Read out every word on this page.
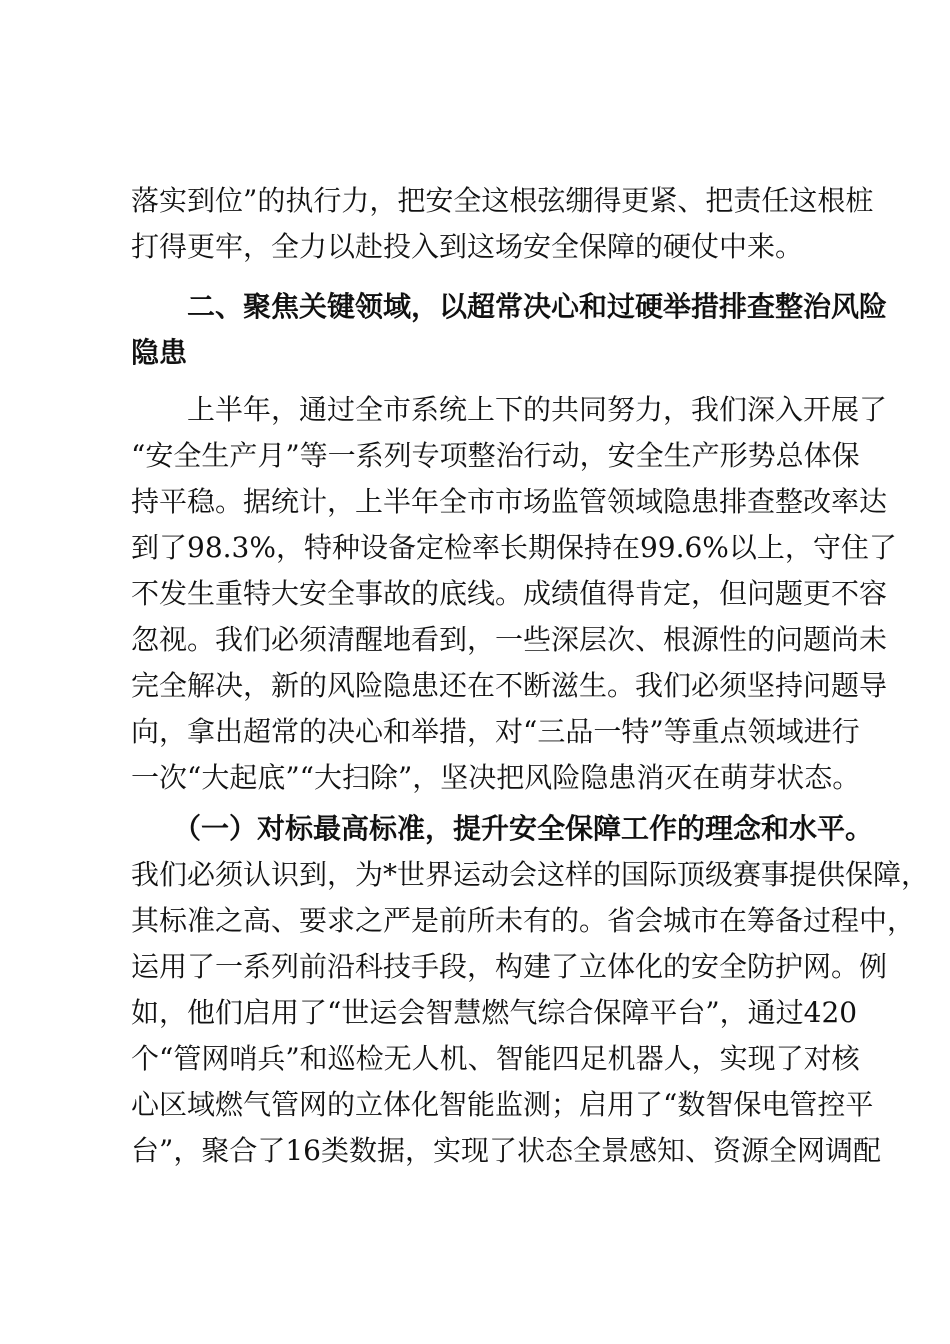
落实到位”的执行力，把安全这根弦绷得更紧、把责任这根桩
打得更牢，全力以赴投入到这场安全保障的硬仗中来。
　　二、聚焦关键领域，以超常决心和过硬举措排查整治风险
隐患
　　上半年，通过全市系统上下的共同努力，我们深入开展了
“安全生产月”等一系列专项整治行动，安全生产形势总体保
持平稳。据统计，上半年全市市场监管领域隐患排查整改率达
到了98.3%，特种设备定检率长期保持在99.6%以上，守住了
不发生重特大安全事故的底线。成绩值得肯定，但问题更不容
忽视。我们必须清醒地看到，一些深层次、根源性的问题尚未
完全解决，新的风险隐患还在不断滋生。我们必须坚持问题导
向，拿出超常的决心和举措，对“三品一特”等重点领域进行
一次“大起底”“大扫除”，坚决把风险隐患消灭在萌芽状态。
　　（一）对标最高标准，提升安全保障工作的理念和水平。
我们必须认识到，为*世界运动会这样的国际顶级赛事提供保障，
其标准之高、要求之严是前所未有的。省会城市在筹备过程中，
运用了一系列前沿科技手段，构建了立体化的安全防护网。例
如，他们启用了“世运会智慧燃气综合保障平台”，通过420
个“管网哨兵”和巡检无人机、智能四足机器人，实现了对核
心区域燃气管网的立体化智能监测；启用了“数智保电管控平
台”，聚合了16类数据，实现了状态全景感知、资源全网调配
